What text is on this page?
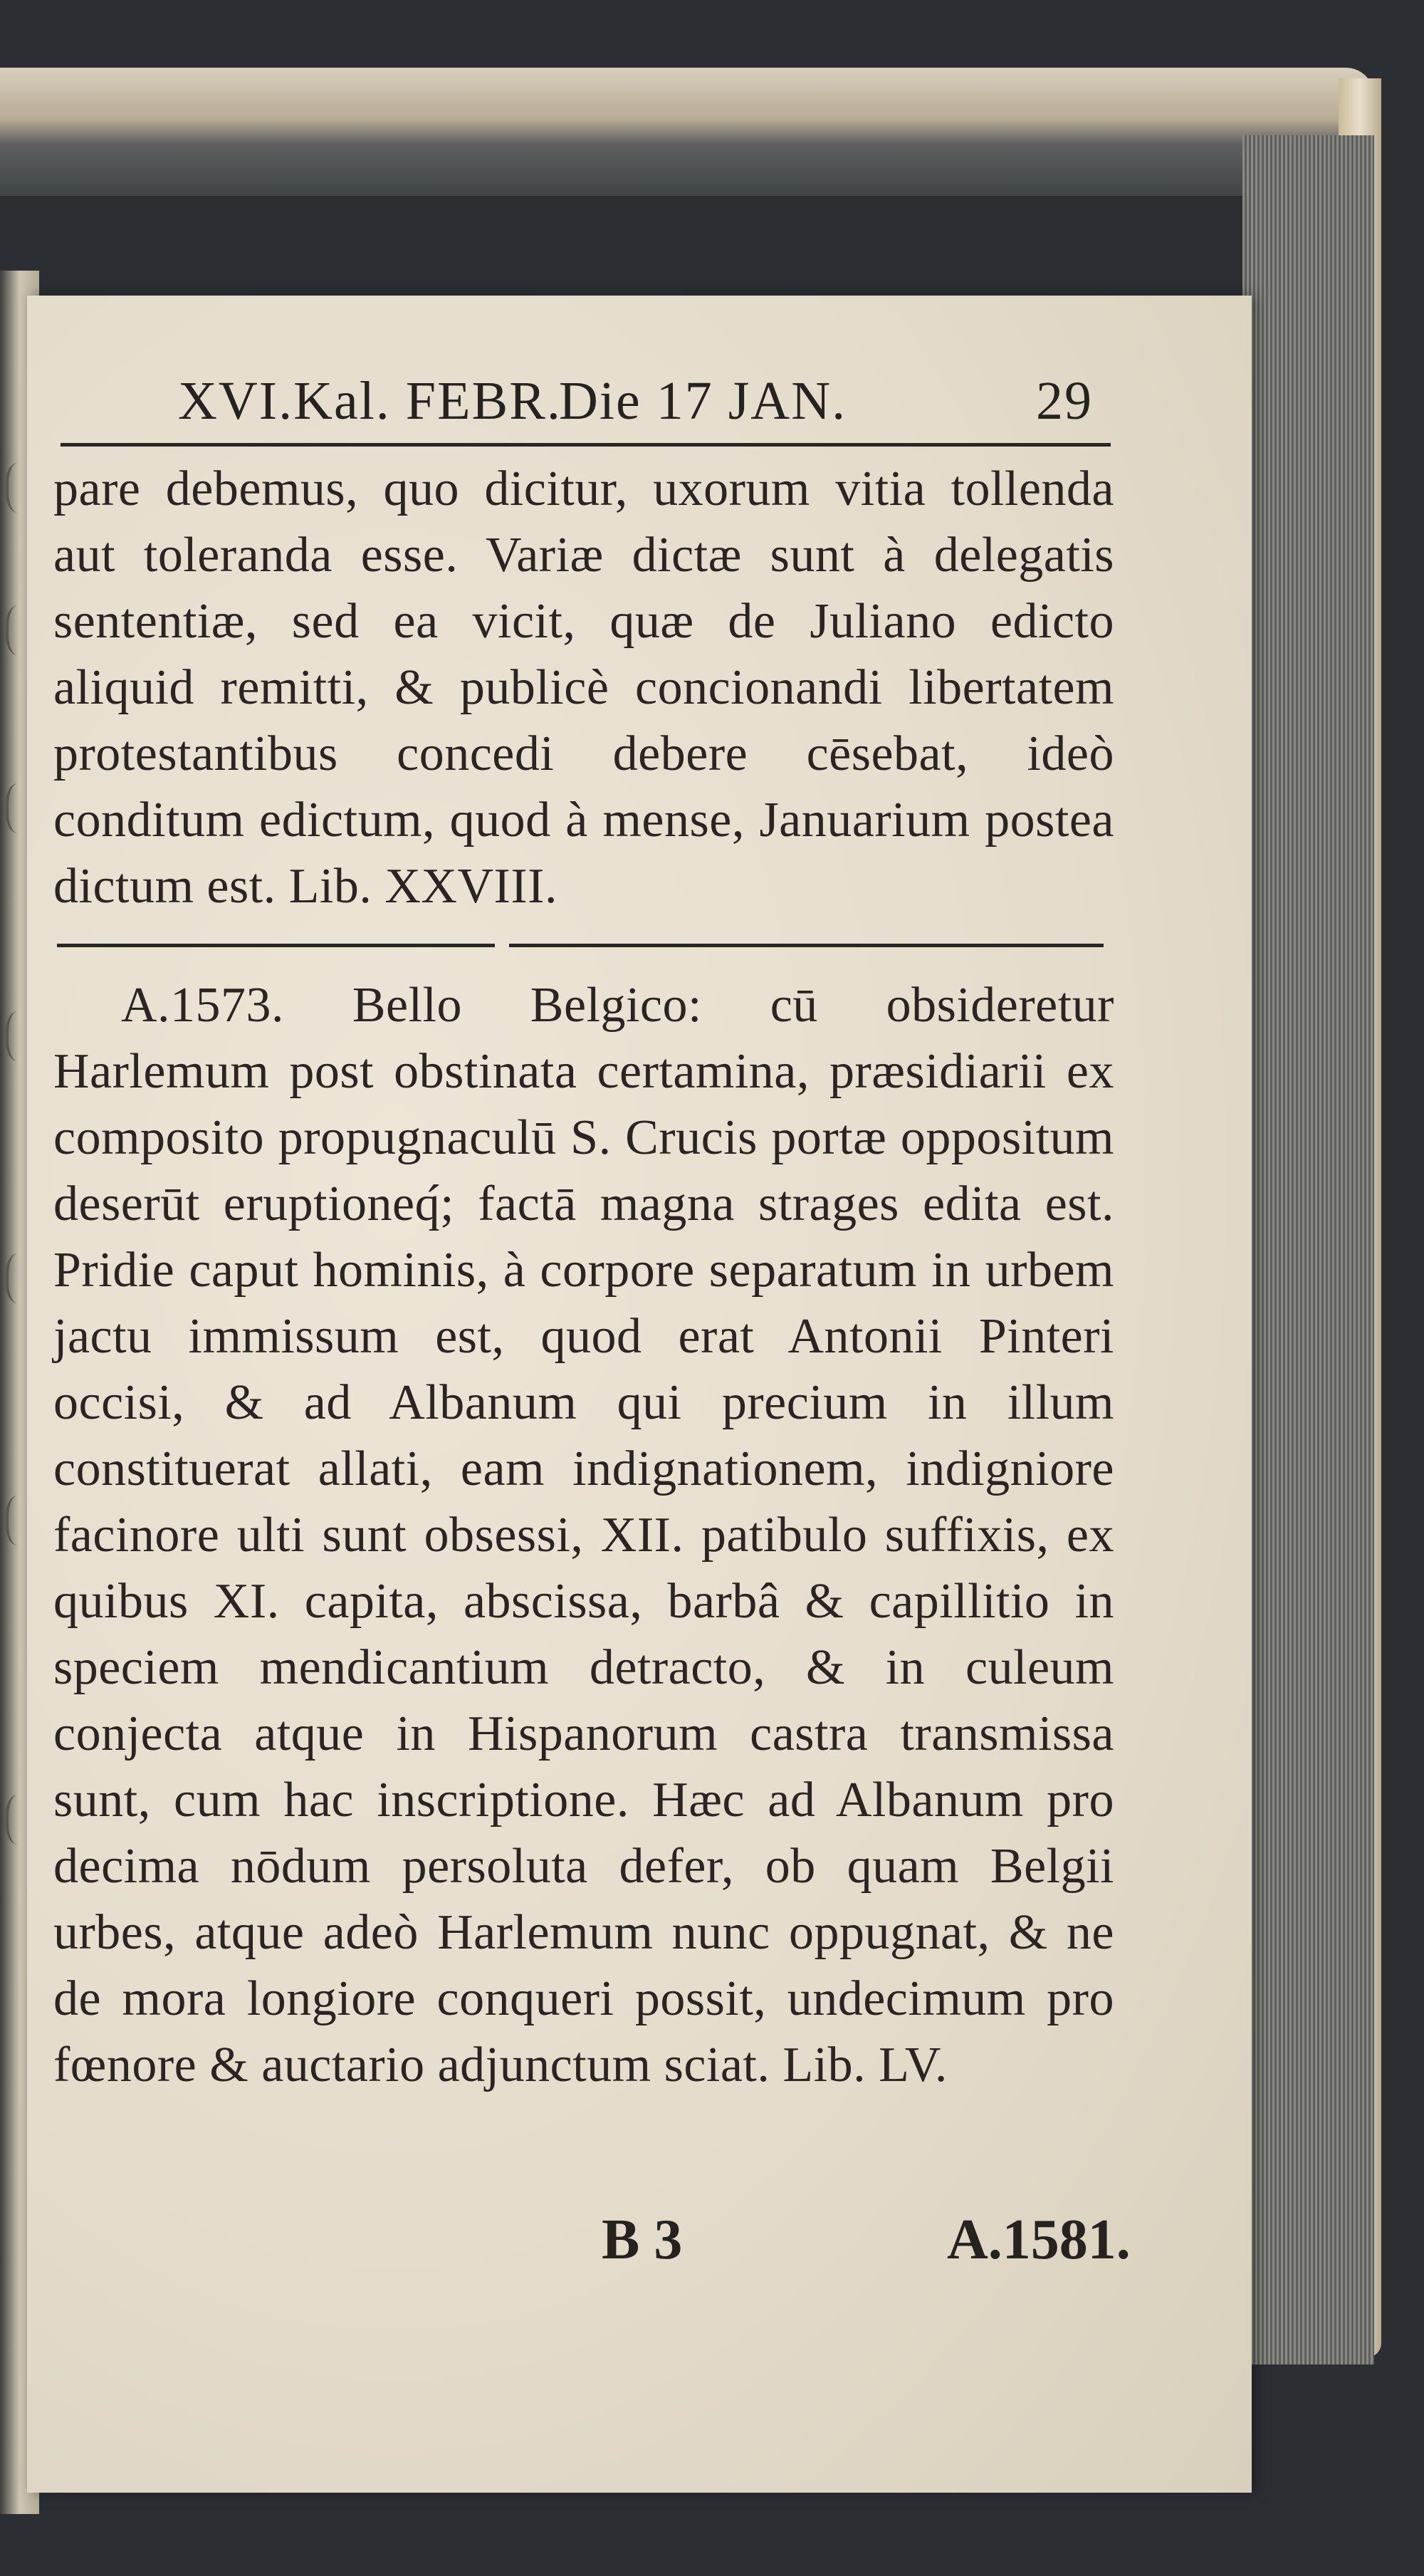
XVI.Kal. FEBR.
Die 17 JAN.	29

pare debemus, quo dicitur, uxorum vitia tollenda aut toleranda esse. Variæ dictæ sunt à delegatis sententiæ, sed ea vicit, quæ de Juliano edicto aliquid remitti, & publicè concionandi libertatem protestantibus concedi debere cēsebat, ideò conditum edictum, quod à mense, Januarium postea dictum est. Lib. XXVIII.

A.1573. Bello Belgico: cū obsideretur Harlemum post obstinata certamina, præsidiarii ex composito propugnaculū S. Crucis portæ oppositum deserūt eruptioneq́; factā magna strages edita est. Pridie caput hominis, à corpore separatum in urbem jactu immissum est, quod erat Antonii Pinteri occisi, & ad Albanum qui precium in illum constituerat allati, eam indignationem, indigniore facinore ulti sunt obsessi, XII. patibulo suffixis, ex quibus XI. capita, abscissa, barbâ & capillitio in speciem mendicantium detracto, & in culeum conjecta atque in Hispanorum castra transmissa sunt, cum hac inscriptione. Hæc ad Albanum pro decima nōdum persoluta defer, ob quam Belgii urbes, atque adeò Harlemum nunc oppugnat, & ne de mora longiore conqueri possit, undecimum pro fœnore & auctario adjunctum sciat. Lib. LV.

B 3	A.1581.
